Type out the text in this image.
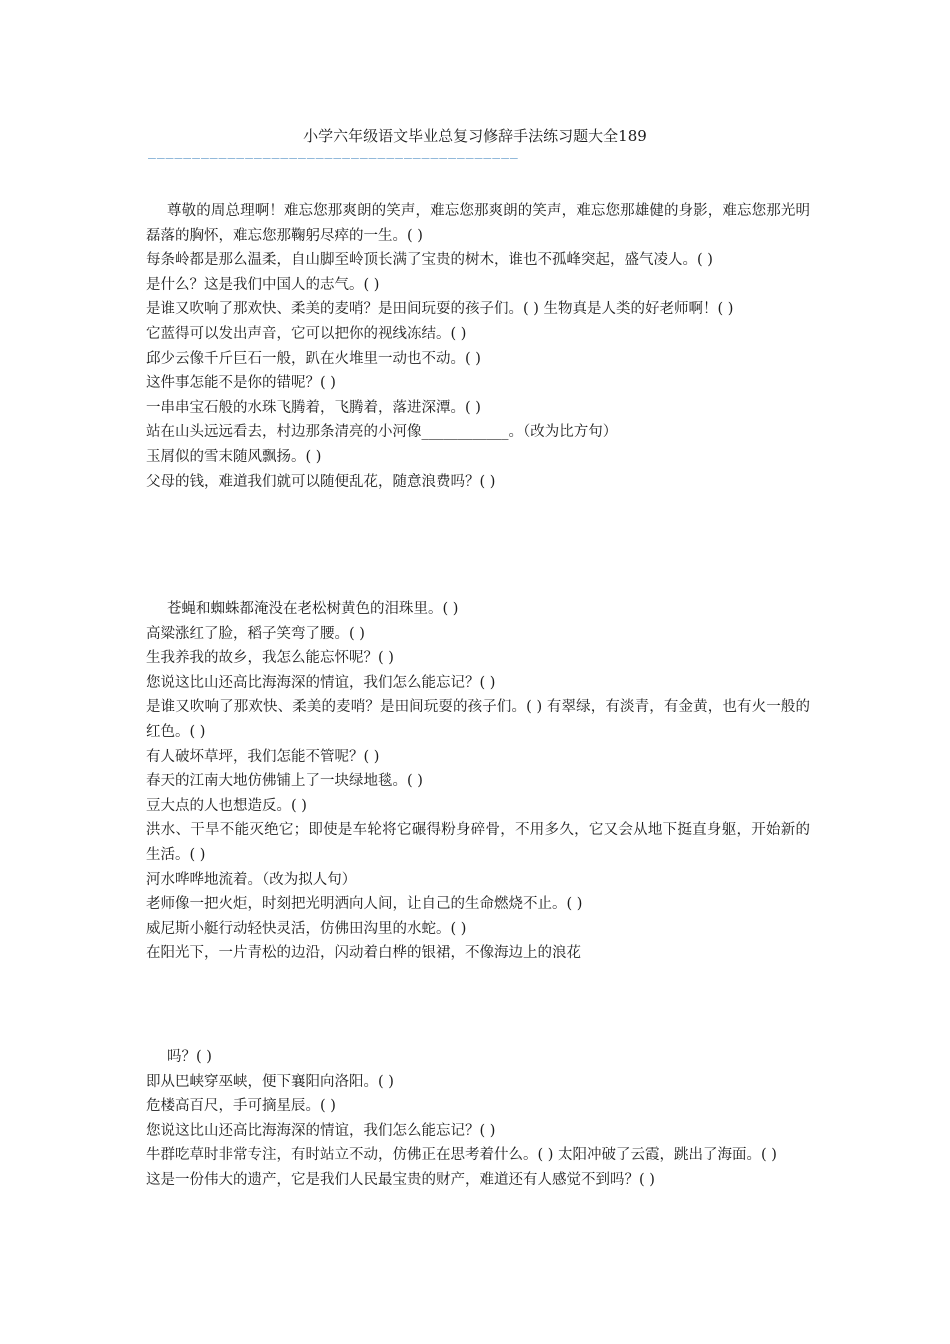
小学六年级语文毕业总复习修辞手法练习题大全189
——————————————————————————————————————————

尊敬的周总理啊！难忘您那爽朗的笑声，难忘您那爽朗的笑声，难忘您那雄健的身影，难忘您那光明磊落的胸怀，难忘您那鞠躬尽瘁的一生。( )

每条岭都是那么温柔，自山脚至岭顶长满了宝贵的树木，谁也不孤峰突起，盛气凌人。( )

是什么？这是我们中国人的志气。( )

是谁又吹响了那欢快、柔美的麦哨？是田间玩耍的孩子们。( ) 生物真是人类的好老师啊！( )

它蓝得可以发出声音，它可以把你的视线冻结。( )

邱少云像千斤巨石一般，趴在火堆里一动也不动。( )

这件事怎能不是你的错呢？( )

一串串宝石般的水珠飞腾着，飞腾着，落进深潭。( )

站在山头远远看去，村边那条清亮的小河像____________。（改为比方句）

玉屑似的雪末随风飘扬。( )

父母的钱，难道我们就可以随便乱花，随意浪费吗？( )

苍蝇和蜘蛛都淹没在老松树黄色的泪珠里。( )

高粱涨红了脸，稻子笑弯了腰。( )

生我养我的故乡，我怎么能忘怀呢？( )

您说这比山还高比海海深的情谊，我们怎么能忘记？( )

是谁又吹响了那欢快、柔美的麦哨？是田间玩耍的孩子们。( ) 有翠绿，有淡青，有金黄，也有火一般的红色。( )

有人破坏草坪，我们怎能不管呢？( )

春天的江南大地仿佛铺上了一块绿地毯。( )

豆大点的人也想造反。( )

洪水、干旱不能灭绝它；即使是车轮将它碾得粉身碎骨，不用多久，它又会从地下挺直身躯，开始新的生活。( )

河水哗哗地流着。（改为拟人句）

老师像一把火炬，时刻把光明洒向人间，让自己的生命燃烧不止。( )

威尼斯小艇行动轻快灵活，仿佛田沟里的水蛇。( )

在阳光下，一片青松的边沿，闪动着白桦的银裙，不像海边上的浪花

吗？( )

即从巴峡穿巫峡，便下襄阳向洛阳。( )

危楼高百尺，手可摘星辰。( )

您说这比山还高比海海深的情谊，我们怎么能忘记？( )

牛群吃草时非常专注，有时站立不动，仿佛正在思考着什么。( ) 太阳冲破了云霞，跳出了海面。( )

这是一份伟大的遗产，它是我们人民最宝贵的财产，难道还有人感觉不到吗？( )
